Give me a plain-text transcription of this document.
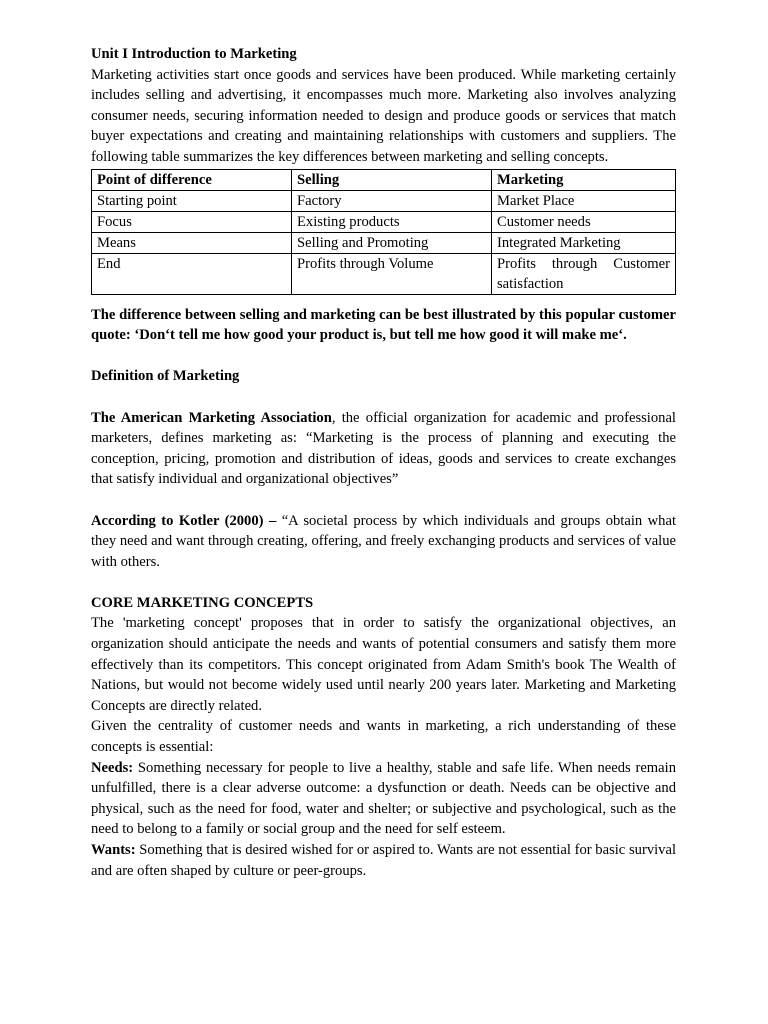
Unit I Introduction to Marketing

Marketing activities start once goods and services have been produced. While marketing certainly includes selling and advertising, it encompasses much more. Marketing also involves analyzing consumer needs, securing information needed to design and produce goods or services that match buyer expectations and creating and maintaining relationships with customers and suppliers. The following table summarizes the key differences between marketing and selling concepts.

Point of difference	Selling	Marketing
Starting point	Factory	Market Place
Focus	Existing products	Customer needs
Means	Selling and Promoting	Integrated Marketing
End	Profits through Volume	Profits through Customer satisfaction

The difference between selling and marketing can be best illustrated by this popular customer quote: ‘Don‘t tell me how good your product is, but tell me how good it will make me‘.

Definition of Marketing

The American Marketing Association, the official organization for academic and professional marketers, defines marketing as: “Marketing is the process of planning and executing the conception, pricing, promotion and distribution of ideas, goods and services to create exchanges that satisfy individual and organizational objectives”

According to Kotler (2000) – “A societal process by which individuals and groups obtain what they need and want through creating, offering, and freely exchanging products and services of value with others.

CORE MARKETING CONCEPTS

The 'marketing concept' proposes that in order to satisfy the organizational objectives, an organization should anticipate the needs and wants of potential consumers and satisfy them more effectively than its competitors. This concept originated from Adam Smith's book The Wealth of Nations, but would not become widely used until nearly 200 years later. Marketing and Marketing Concepts are directly related.

Given the centrality of customer needs and wants in marketing, a rich understanding of these concepts is essential:

Needs: Something necessary for people to live a healthy, stable and safe life. When needs remain unfulfilled, there is a clear adverse outcome: a dysfunction or death. Needs can be objective and physical, such as the need for food, water and shelter; or subjective and psychological, such as the need to belong to a family or social group and the need for self esteem.

Wants: Something that is desired wished for or aspired to. Wants are not essential for basic survival and are often shaped by culture or peer-groups.
